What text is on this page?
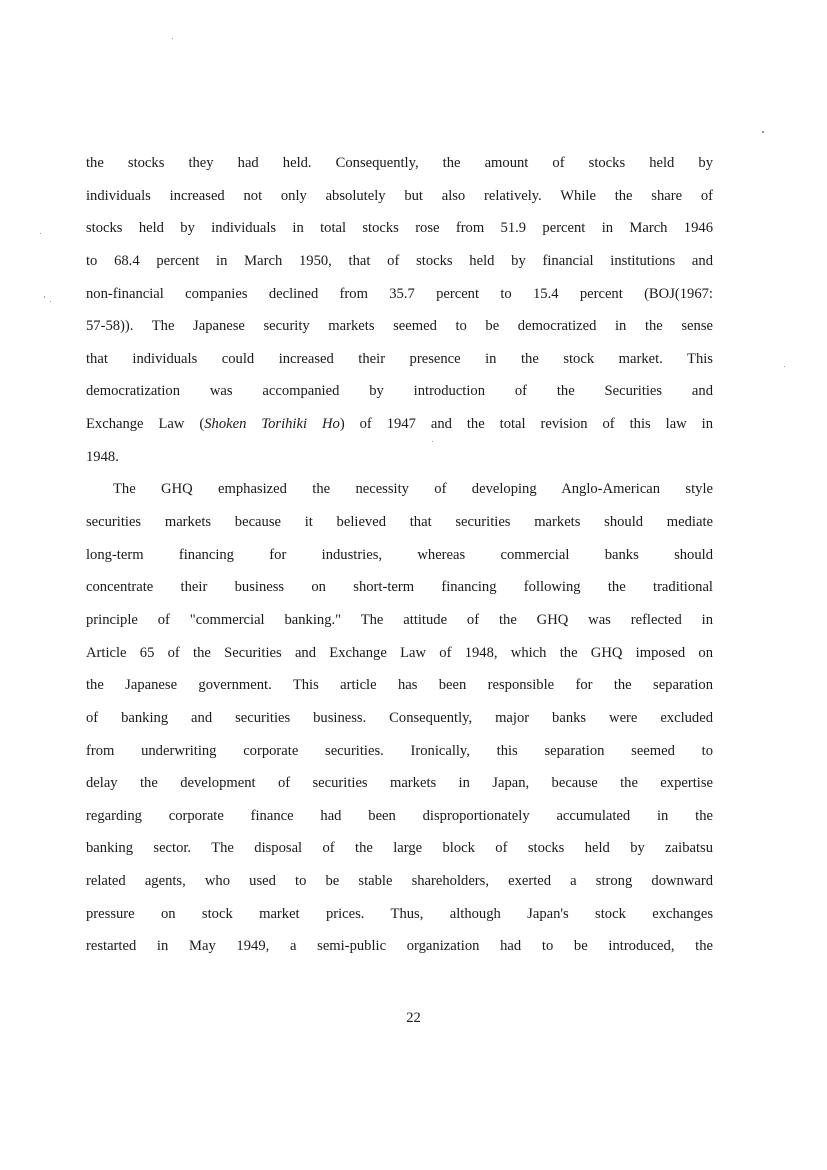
the stocks they had held. Consequently, the amount of stocks held by
individuals increased not only absolutely but also relatively. While the share of
stocks held by individuals in total stocks rose from 51.9 percent in March 1946
to 68.4 percent in March 1950, that of stocks held by financial institutions and
non-financial companies declined from 35.7 percent to 15.4 percent (BOJ(1967:
57-58)). The Japanese security markets seemed to be democratized in the sense
that individuals could increased their presence in the stock market. This
democratization was accompanied by introduction of the Securities and
Exchange Law (Shoken Torihiki Ho) of 1947 and the total revision of this law in
1948.
The GHQ emphasized the necessity of developing Anglo-American style
securities markets because it believed that securities markets should mediate
long-term financing for industries, whereas commercial banks should
concentrate their business on short-term financing following the traditional
principle of "commercial banking." The attitude of the GHQ was reflected in
Article 65 of the Securities and Exchange Law of 1948, which the GHQ imposed on
the Japanese government. This article has been responsible for the separation
of banking and securities business. Consequently, major banks were excluded
from underwriting corporate securities. Ironically, this separation seemed to
delay the development of securities markets in Japan, because the expertise
regarding corporate finance had been disproportionately accumulated in the
banking sector. The disposal of the large block of stocks held by zaibatsu
related agents, who used to be stable shareholders, exerted a strong downward
pressure on stock market prices. Thus, although Japan's stock exchanges
restarted in May 1949, a semi-public organization had to be introduced, the
22
